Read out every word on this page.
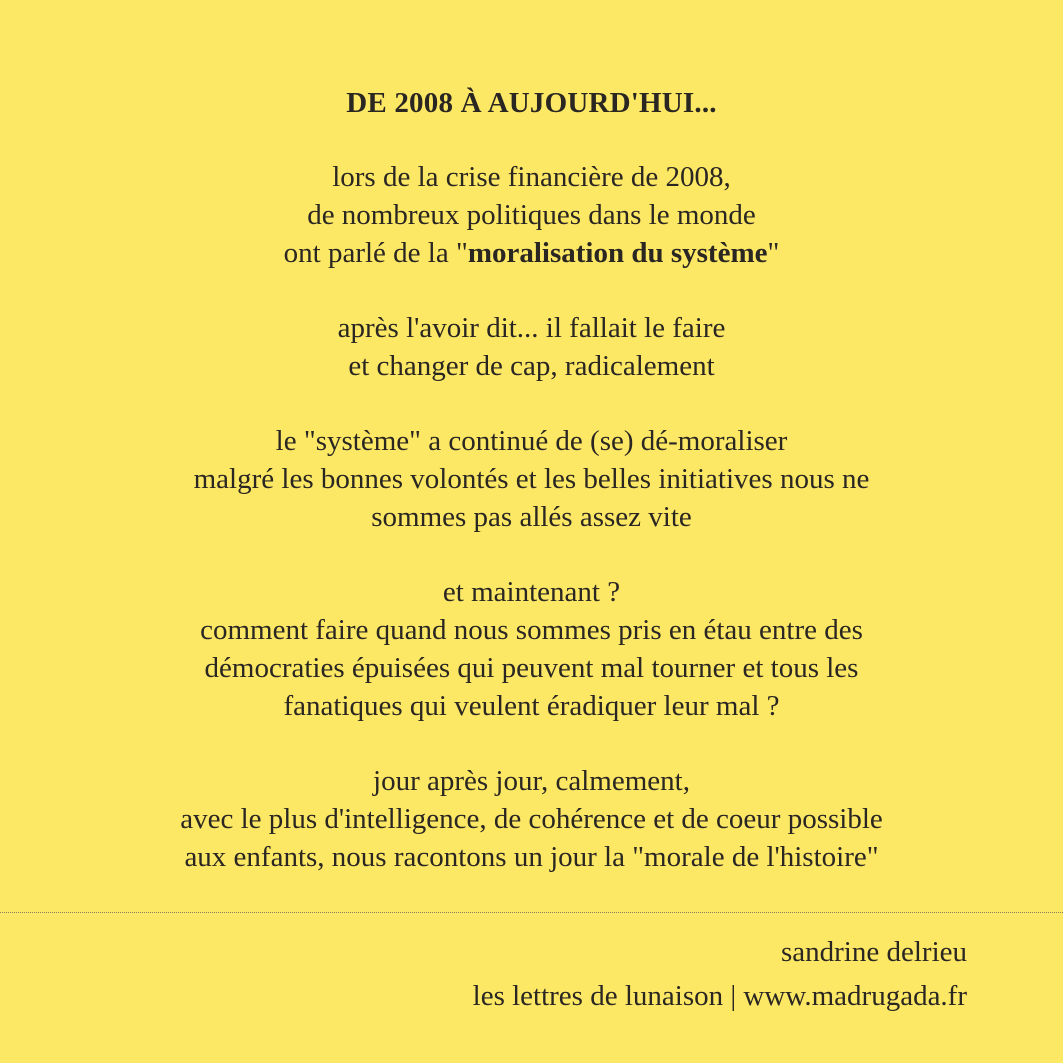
DE 2008 À AUJOURD'HUI...
lors de la crise financière de 2008,
de nombreux politiques dans le monde
ont parlé de la "moralisation du système"
après l'avoir dit... il fallait le faire
et changer de cap, radicalement
le "système" a continué de (se) dé-moraliser
malgré les bonnes volontés et les belles initiatives nous ne
sommes pas allés assez vite
et maintenant ?
comment faire quand nous sommes pris en étau entre des
démocraties épuisées qui peuvent mal tourner et tous les
fanatiques qui veulent éradiquer leur mal ?
jour après jour, calmement,
avec le plus d'intelligence, de cohérence et de coeur possible
aux enfants, nous racontons un jour la "morale de l'histoire"
sandrine delrieu
les lettres de lunaison | www.madrugada.fr
